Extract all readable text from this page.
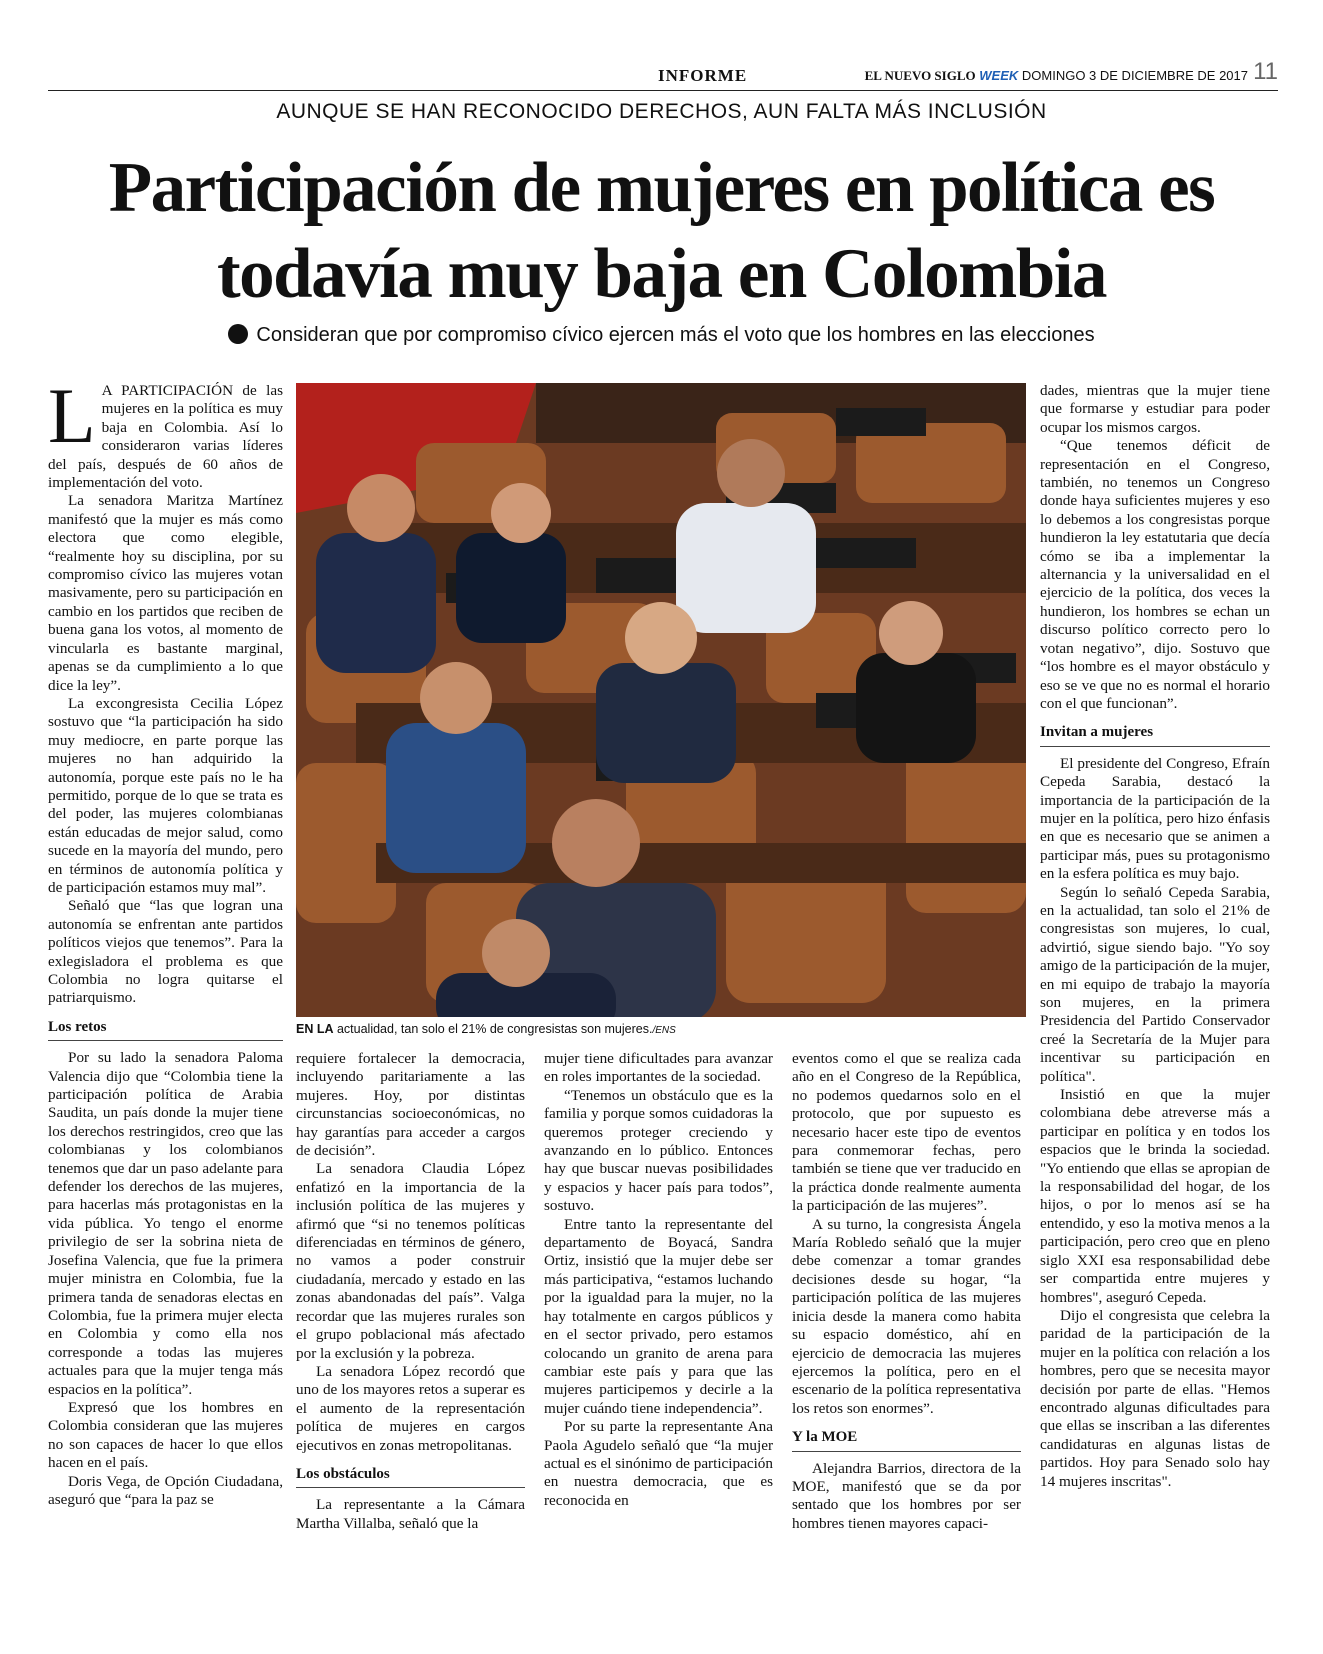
INFORME	EL NUEVO SIGLO WEEK DOMINGO 3 DE DICIEMBRE DE 2017 11
AUNQUE SE HAN RECONOCIDO DERECHOS, AUN FALTA MÁS INCLUSIÓN
Participación de mujeres en política es todavía muy baja en Colombia
Consideran que por compromiso cívico ejercen más el voto que los hombres en las elecciones

L A PARTICIPACIÓN de las mujeres en la política es muy baja en Colombia. Así lo consideraron varias líderes del país, después de 60 años de implementación del voto.

La senadora Maritza Martínez manifestó que la mujer es más como electora que como elegible, “realmente hoy su disciplina, por su compromiso cívico las mujeres votan masivamente, pero su participación en cambio en los partidos que reciben de buena gana los votos, al momento de vincularla es bastante marginal, apenas se da cumplimiento a lo que dice la ley”.

La excongresista Cecilia López sostuvo que “la participación ha sido muy mediocre, en parte porque las mujeres no han adquirido la autonomía, porque este país no le ha permitido, porque de lo que se trata es del poder, las mujeres colombianas están educadas de mejor salud, como sucede en la mayoría del mundo, pero en términos de autonomía política y de participación estamos muy mal”.

Señaló que “las que logran una autonomía se enfrentan ante partidos políticos viejos que tenemos”. Para la exlegisladora el problema es que Colombia no logra quitarse el patriarquismo.

Los retos

Por su lado la senadora Paloma Valencia dijo que “Colombia tiene la participación política de Arabia Saudita, un país donde la mujer tiene los derechos restringidos, creo que las colombianas y los colombianos tenemos que dar un paso adelante para defender los derechos de las mujeres, para hacerlas más protagonistas en la vida pública. Yo tengo el enorme privilegio de ser la sobrina nieta de Josefina Valencia, que fue la primera mujer ministra en Colombia, fue la primera tanda de senadoras electas en Colombia, fue la primera mujer electa en Colombia y como ella nos corresponde a todas las mujeres actuales para que la mujer tenga más espacios en la política”.

Expresó que los hombres en Colombia consideran que las mujeres no son capaces de hacer lo que ellos hacen en el país.

Doris Vega, de Opción Ciudadana, aseguró que “para la paz se

EN LA actualidad, tan solo el 21% de congresistas son mujeres./ENS

requiere fortalecer la democracia, incluyendo paritariamente a las mujeres. Hoy, por distintas circunstancias socioeconómicas, no hay garantías para acceder a cargos de decisión”.

La senadora Claudia López enfatizó en la importancia de la inclusión política de las mujeres y afirmó que “si no tenemos políticas diferenciadas en términos de género, no vamos a poder construir ciudadanía, mercado y estado en las zonas abandonadas del país”. Valga recordar que las mujeres rurales son el grupo poblacional más afectado por la exclusión y la pobreza.

La senadora López recordó que uno de los mayores retos a superar es el aumento de la representación política de mujeres en cargos ejecutivos en zonas metropolitanas.

Los obstáculos

La representante a la Cámara Martha Villalba, señaló que la

mujer tiene dificultades para avanzar en roles importantes de la sociedad.

“Tenemos un obstáculo que es la familia y porque somos cuidadoras la queremos proteger creciendo y avanzando en lo público. Entonces hay que buscar nuevas posibilidades y espacios y hacer país para todos”, sostuvo.

Entre tanto la representante del departamento de Boyacá, Sandra Ortiz, insistió que la mujer debe ser más participativa, “estamos luchando por la igualdad para la mujer, no la hay totalmente en cargos públicos y en el sector privado, pero estamos colocando un granito de arena para cambiar este país y para que las mujeres participemos y decirle a la mujer cuándo tiene independencia”.

Por su parte la representante Ana Paola Agudelo señaló que “la mujer actual es el sinónimo de participación en nuestra democracia, que es reconocida en

eventos como el que se realiza cada año en el Congreso de la República, no podemos quedarnos solo en el protocolo, que por supuesto es necesario hacer este tipo de eventos para conmemorar fechas, pero también se tiene que ver traducido en la práctica donde realmente aumenta la participación de las mujeres”.

A su turno, la congresista Ángela María Robledo señaló que la mujer debe comenzar a tomar grandes decisiones desde su hogar, “la participación política de las mujeres inicia desde la manera como habita su espacio doméstico, ahí en ejercicio de democracia las mujeres ejercemos la política, pero en el escenario de la política representativa los retos son enormes”.

Y la MOE

Alejandra Barrios, directora de la MOE, manifestó que se da por sentado que los hombres por ser hombres tienen mayores capaci-

dades, mientras que la mujer tiene que formarse y estudiar para poder ocupar los mismos cargos.

“Que tenemos déficit de representación en el Congreso, también, no tenemos un Congreso donde haya suficientes mujeres y eso lo debemos a los congresistas porque hundieron la ley estatutaria que decía cómo se iba a implementar la alternancia y la universalidad en el ejercicio de la política, dos veces la hundieron, los hombres se echan un discurso político correcto pero lo votan negativo”, dijo. Sostuvo que “los hombre es el mayor obstáculo y eso se ve que no es normal el horario con el que funcionan”.

Invitan a mujeres

El presidente del Congreso, Efraín Cepeda Sarabia, destacó la importancia de la participación de la mujer en la política, pero hizo énfasis en que es necesario que se animen a participar más, pues su protagonismo en la esfera política es muy bajo.

Según lo señaló Cepeda Sarabia, en la actualidad, tan solo el 21% de congresistas son mujeres, lo cual, advirtió, sigue siendo bajo. "Yo soy amigo de la participación de la mujer, en mi equipo de trabajo la mayoría son mujeres, en la primera Presidencia del Partido Conservador creé la Secretaría de la Mujer para incentivar su participación en política".

Insistió en que la mujer colombiana debe atreverse más a participar en política y en todos los espacios que le brinda la sociedad. "Yo entiendo que ellas se apropian de la responsabilidad del hogar, de los hijos, o por lo menos así se ha entendido, y eso la motiva menos a la participación, pero creo que en pleno siglo XXI esa responsabilidad debe ser compartida entre mujeres y hombres", aseguró Cepeda.

Dijo el congresista que celebra la paridad de la participación de la mujer en la política con relación a los hombres, pero que se necesita mayor decisión por parte de ellas. "Hemos encontrado algunas dificultades para que ellas se inscriban a las diferentes candidaturas en algunas listas de partidos. Hoy para Senado solo hay 14 mujeres inscritas".
